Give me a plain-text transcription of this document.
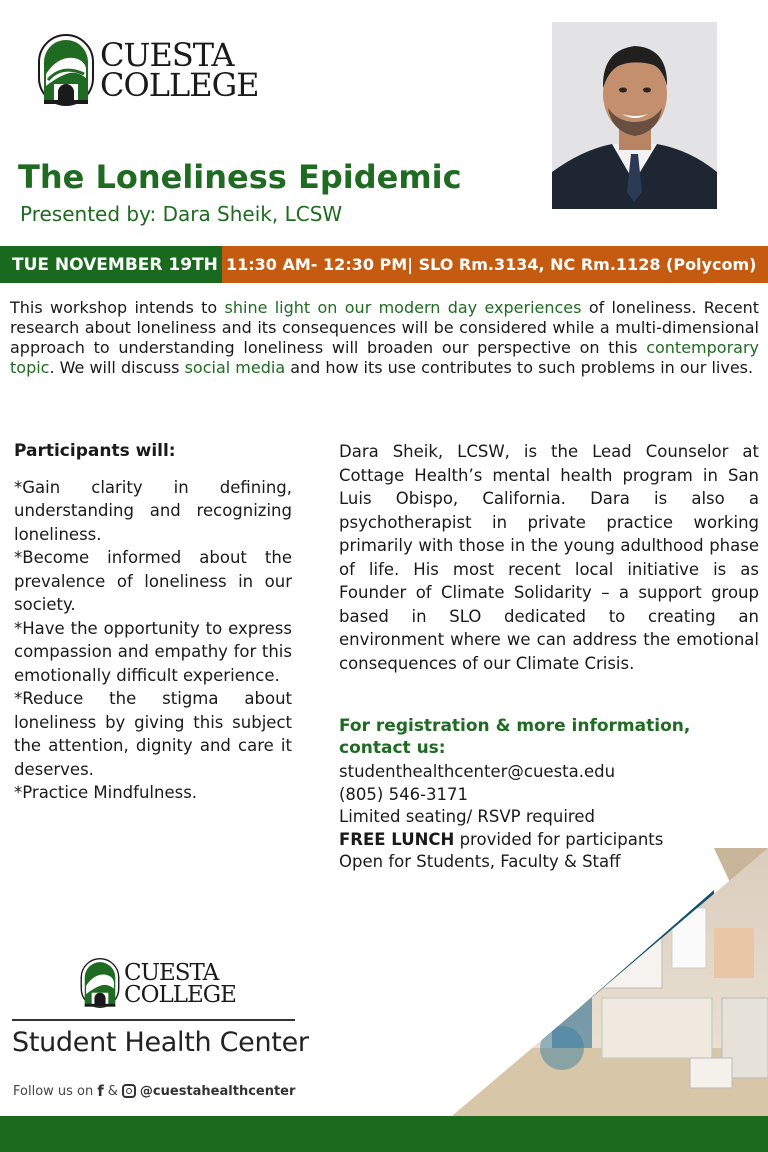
CUESTA
COLLEGE
The Loneliness Epidemic
Presented by: Dara Sheik, LCSW
TUE NOVEMBER 19TH 11:30 AM- 12:30 PM| SLO Rm.3134, NC Rm.1128 (Polycom)

This workshop intends to shine light on our modern day experiences of loneliness. Recent research about loneliness and its consequences will be considered while a multi-dimensional approach to understanding loneliness will broaden our perspective on this contemporary topic. We will discuss social media and how its use contributes to such problems in our lives.

Participants will:

*Gain clarity in defining, understanding and recognizing loneliness.

*Become informed about the prevalence of loneliness in our society.

*Have the opportunity to express compassion and empathy for this emotionally difficult experience.

*Reduce the stigma about loneliness by giving this subject the attention, dignity and care it deserves.

*Practice Mindfulness.

Dara Sheik, LCSW, is the Lead Counselor at Cottage Health’s mental health program in San Luis Obispo, California. Dara is also a psychotherapist in private practice working primarily with those in the young adulthood phase of life. His most recent local initiative is as Founder of Climate Solidarity – a support group based in SLO dedicated to creating an environment where we can address the emotional consequences of our Climate Crisis.

For registration & more information, contact us:
studenthealthcenter@cuesta.edu
(805) 546-3171
Limited seating/ RSVP required
FREE LUNCH provided for participants
Open for Students, Faculty & Staff
CUESTA
COLLEGE
Student Health Center
Follow us on f & @cuestahealthcenter
